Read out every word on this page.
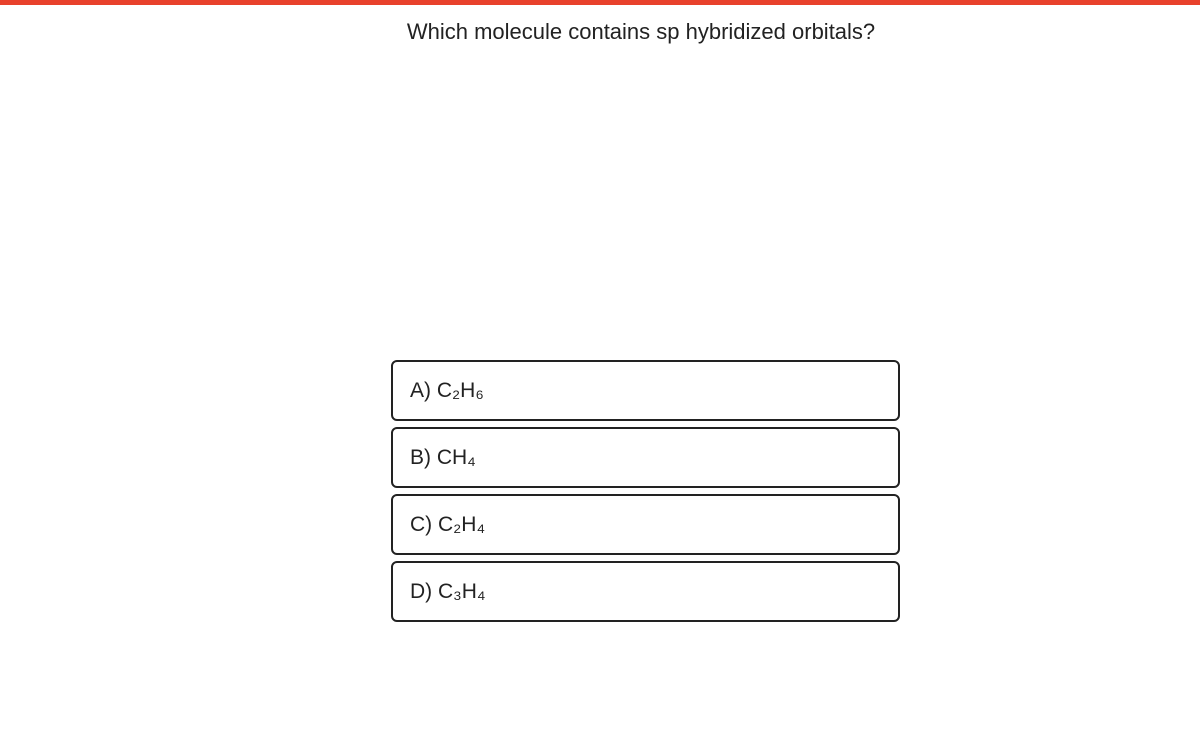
Which molecule contains sp hybridized orbitals?
A) C₂H₆
B) CH₄
C) C₂H₄
D) C₃H₄
